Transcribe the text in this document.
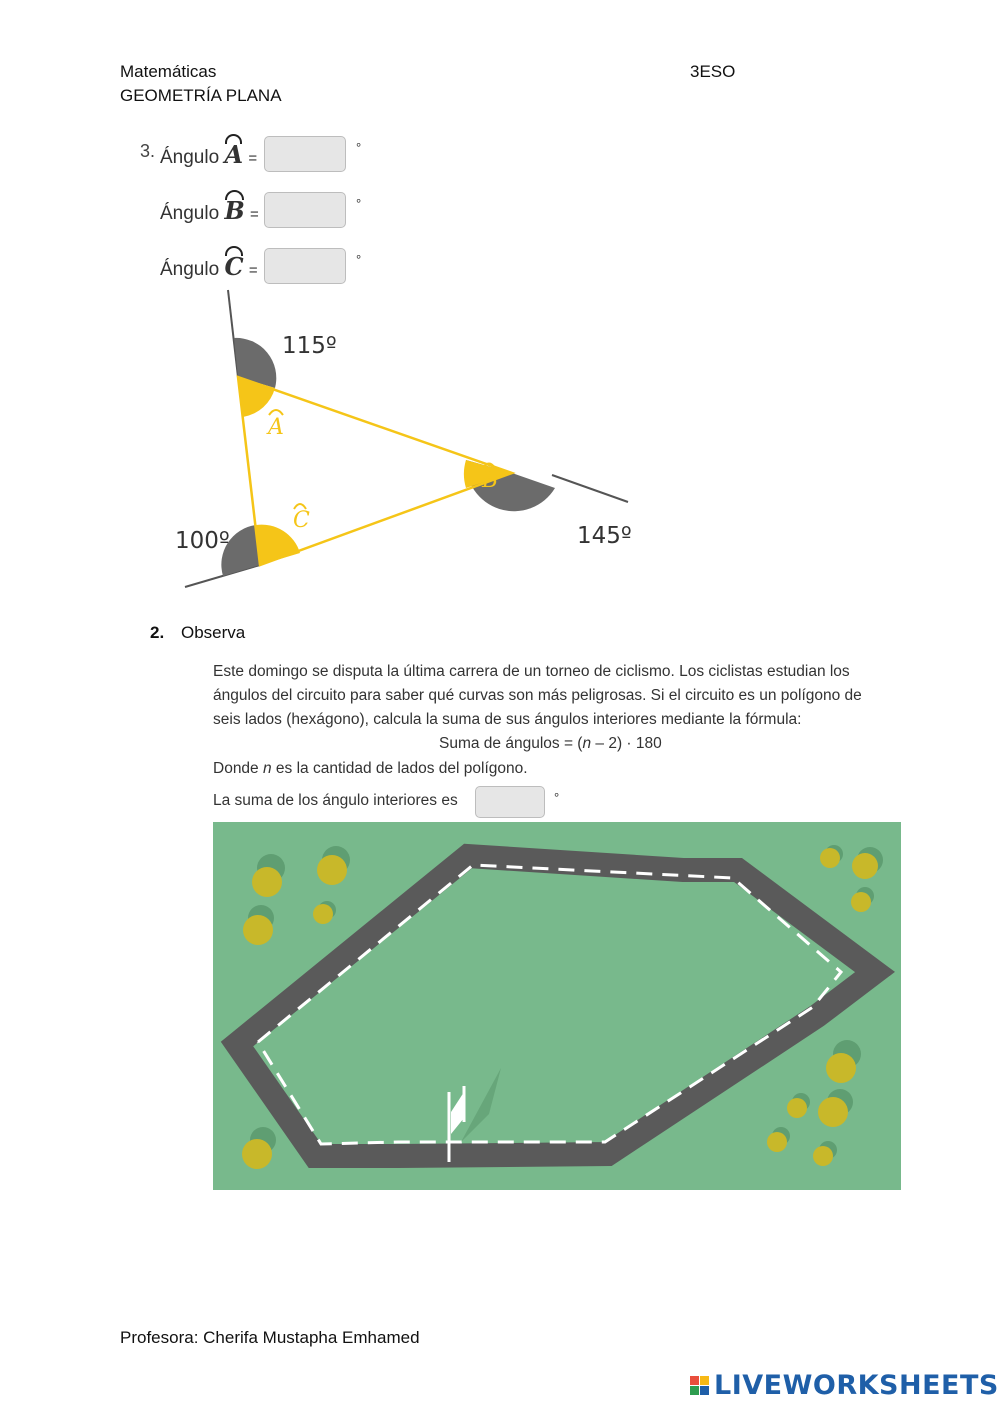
Matemáticas	3ESO
GEOMETRÍA PLANA
3. Ángulo A =
°
Ángulo B =
°
Ángulo C =
°
115º
145º
100º
A
B
C
2. Observa
Este domingo se disputa la última carrera de un torneo de ciclismo. Los ciclistas estudian los
ángulos del circuito para saber qué curvas son más peligrosas. Si el circuito es un polígono de
seis lados (hexágono), calcula la suma de sus ángulos interiores mediante la fórmula:
Suma de ángulos = (n – 2) · 180
Donde n es la cantidad de lados del polígono.
La suma de los ángulo interiores es	°
Profesora: Cherifa Mustapha Emhamed
LIVEWORKSHEETS
